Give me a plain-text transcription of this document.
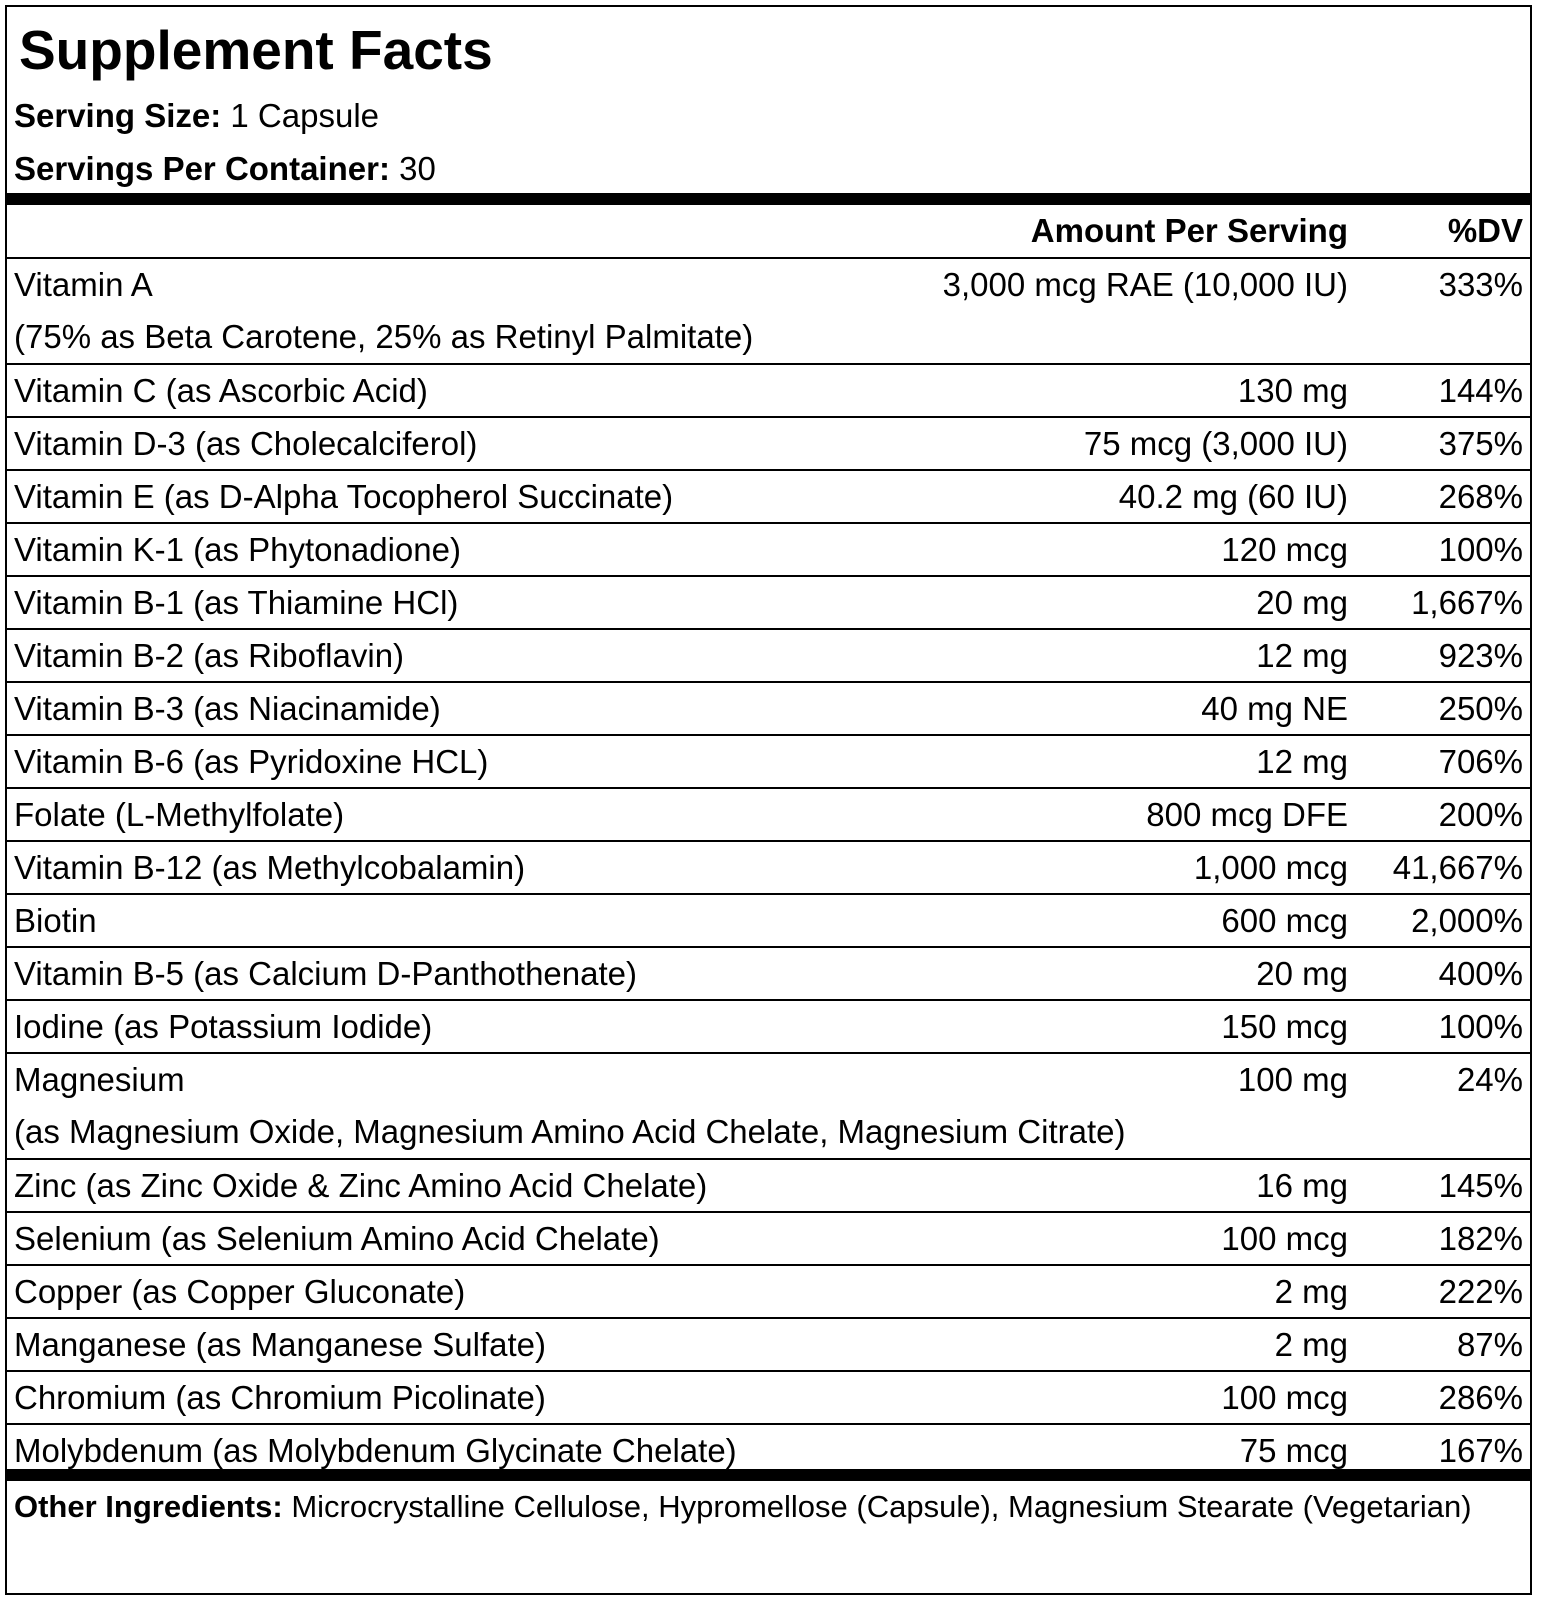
Supplement Facts
Serving Size: 1 Capsule
Servings Per Container: 30
Amount Per Serving	%DV
Vitamin A	3,000 mcg RAE (10,000 IU)	333%
(75% as Beta Carotene, 25% as Retinyl Palmitate)
Vitamin C (as Ascorbic Acid)	130 mg	144%
Vitamin D-3 (as Cholecalciferol)	75 mcg (3,000 IU)	375%
Vitamin E (as D-Alpha Tocopherol Succinate)	40.2 mg (60 IU)	268%
Vitamin K-1 (as Phytonadione)	120 mcg	100%
Vitamin B-1 (as Thiamine HCl)	20 mg 1,667%
Vitamin B-2 (as Riboflavin)	12 mg	923%
Vitamin B-3 (as Niacinamide)	40 mg NE	250%
Vitamin B-6 (as Pyridoxine HCL)	12 mg	706%
Folate (L-Methylfolate)	800 mcg DFE	200%
Vitamin B-12 (as Methylcobalamin)	1,000 mcg 41,667%
Biotin	600 mcg 2,000%
Vitamin B-5 (as Calcium D-Panthothenate)	20 mg	400%
Iodine (as Potassium Iodide)	150 mcg	100%
Magnesium	100 mg	24%
(as Magnesium Oxide, Magnesium Amino Acid Chelate, Magnesium Citrate)
Zinc (as Zinc Oxide & Zinc Amino Acid Chelate)	16 mg	145%
Selenium (as Selenium Amino Acid Chelate)	100 mcg	182%
Copper (as Copper Gluconate)	2 mg	222%
Manganese (as Manganese Sulfate)	2 mg	87%
Chromium (as Chromium Picolinate)	100 mcg	286%
Molybdenum (as Molybdenum Glycinate Chelate)	75 mcg	167%
Other Ingredients: Microcrystalline Cellulose, Hypromellose (Capsule), Magnesium Stearate (Vegetarian)
